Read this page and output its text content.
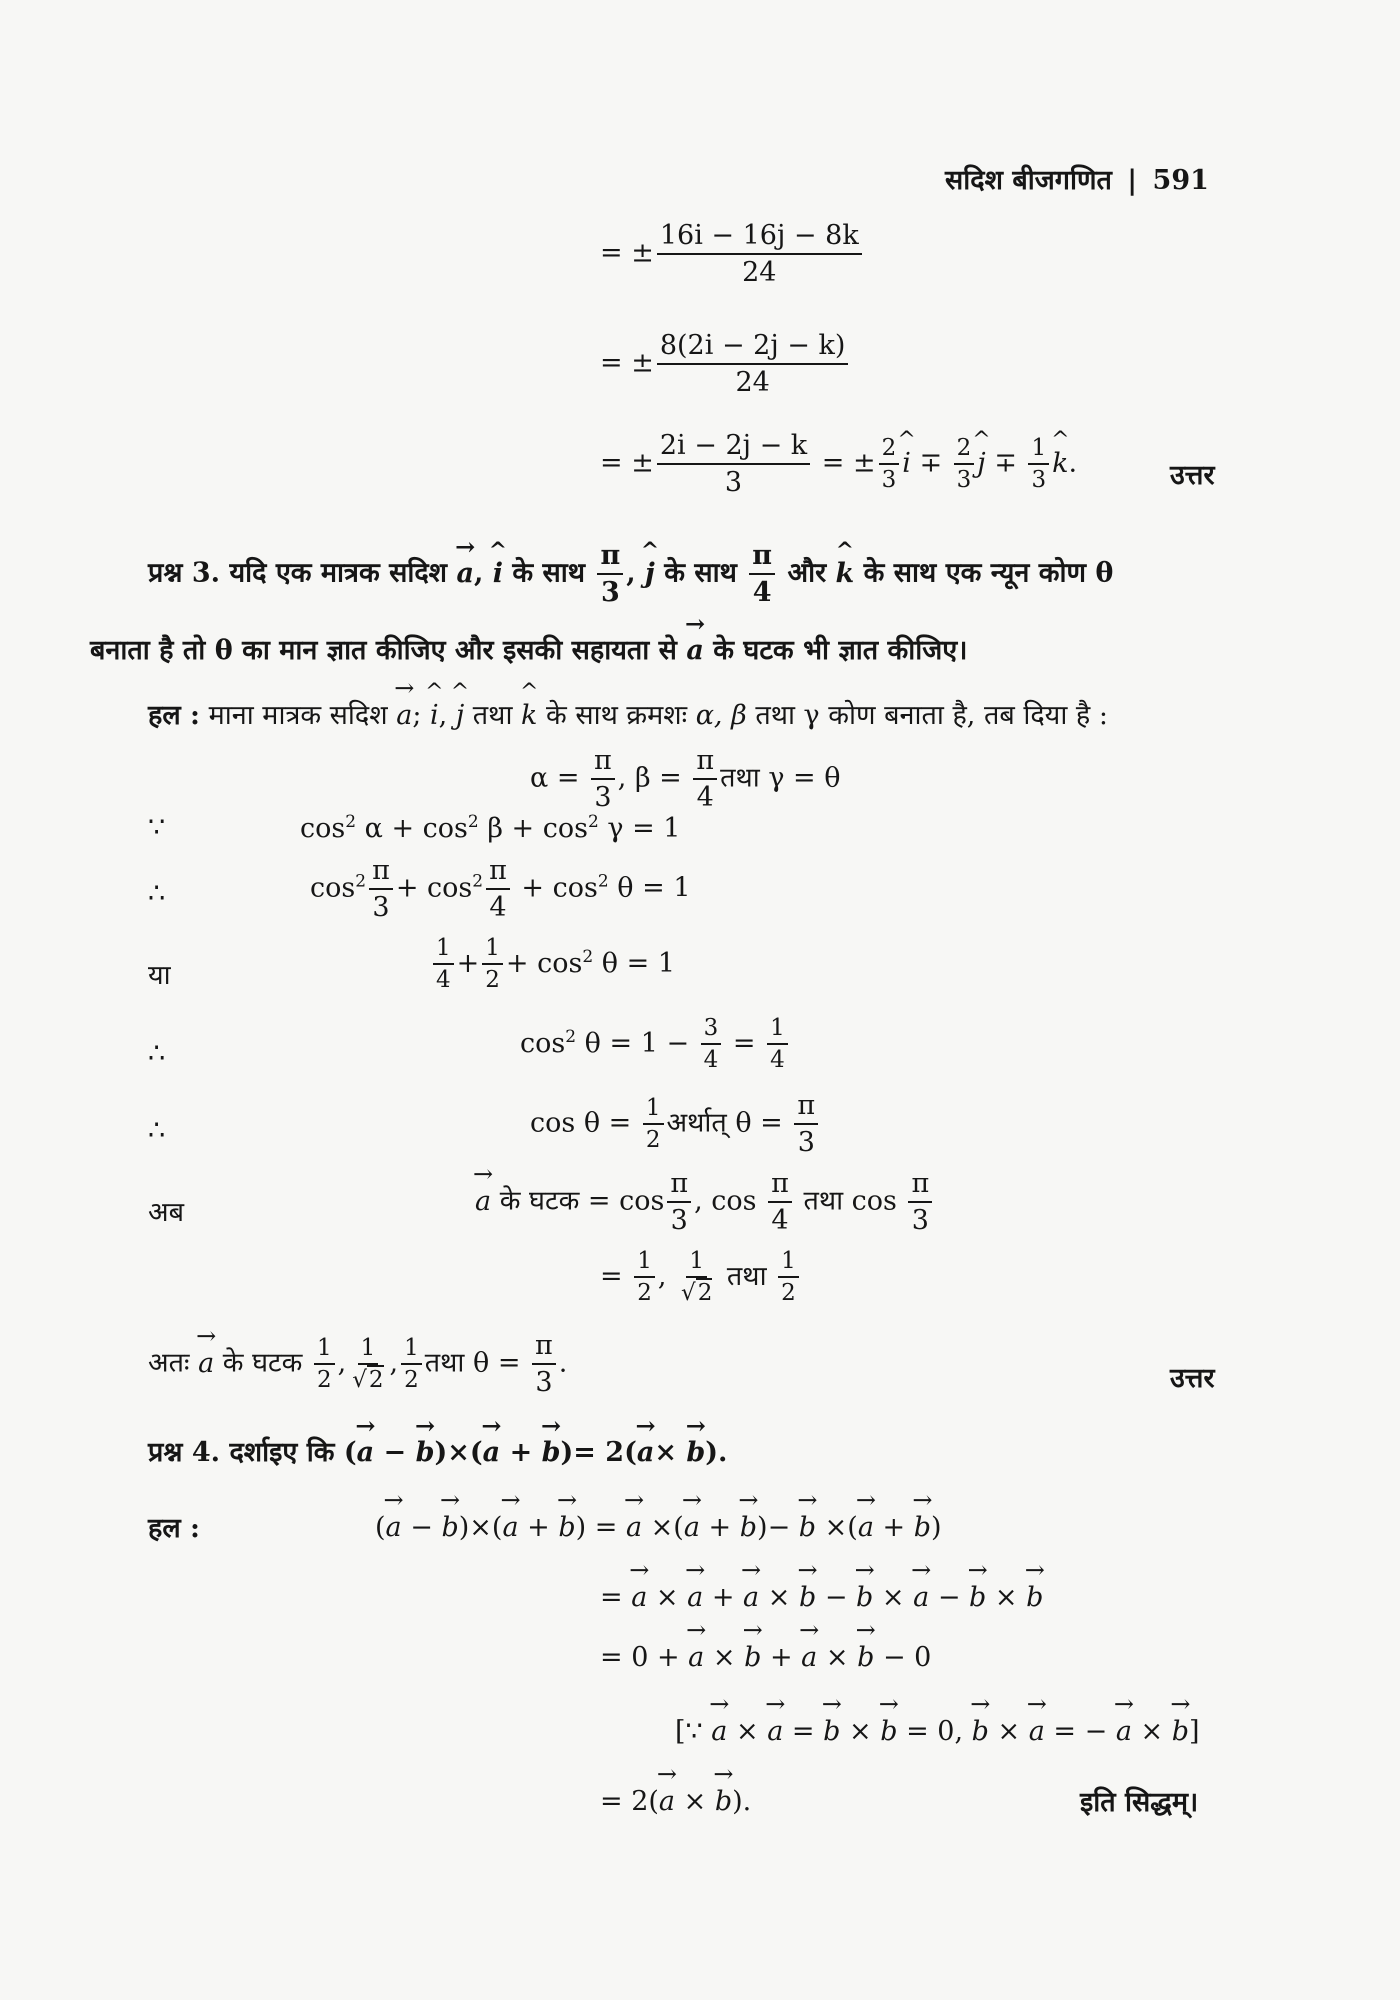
सदिश बीजगणित | 591
= ± $\frac{16i - 16j - 8k}{24}$
= ± $\frac{8(2i - 2j - k)}{24}$
= ± $\frac{2i - 2j - k}{3}$ = ± $\frac{2}{3}$ ^ $i \mp \frac{2}{3}$ ^ $j \mp \frac{1}{3}$ ^ k.	उत्तर
प्रश्न 3. यदि एक मात्रक सदिश → a, ^ i के साथ $\frac{\pi}{3}$ , ^ j के साथ $\frac{\pi}{4}$ और ^ k के साथ एक न्यून कोण θ
बनाता है तो θ का मान ज्ञात कीजिए और इसकी सहायता से → a के घटक भी ज्ञात कीजिए।
हल : माना मात्रक सदिश → a; ^ i, ^ j तथा ^ k के साथ क्रमशः α, β तथा γ कोण बनाता है, तब दिया है :
$\alpha = \frac{\pi}{3}$ , $\beta = \frac{\pi}{4}$ तथा γ = θ
∵	$\cos^2 \alpha + \cos^2 \beta + \cos^2 \gamma = 1$
∴	$\cos^2 \frac{\pi}{3} + \cos^2 \frac{\pi}{4} + \cos^2 \theta = 1$
या	$\frac{1}{4} + \frac{1}{2} + \cos^2 \theta = 1$
∴	$\cos^2 \theta = 1 - \frac{3}{4} = \frac{1}{4}$
∴	$\cos \theta = \frac{1}{2}$ अर्थात् $\theta = \frac{\pi}{3}$
अब	→ a के घटक = $\cos \frac{\pi}{3}$ , $\cos \frac{\pi}{4}$ तथा $\cos \frac{\pi}{3}$
= $\frac{1}{2}$ , $\frac{1}{√2}$ तथा $\frac{1}{2}$
अतः → a के घटक $\frac{1}{2}$ , $\frac{1}{√2}$ , $\frac{1}{2}$ तथा $\theta = \frac{\pi}{3}$ .	उत्तर
प्रश्न 4. दर्शाइए कि (→ a − → b)×(→ a + → b)= 2(→ a× → b).
हल :	(→ a − → b)×(→ a + → b) = → a ×(→ a + → b)− → b ×(→ a + → b)
= → a × → a + → a × → b − → b × → a − → b × → b
= 0 + → a × → b + → a × → b − 0
[∵ → a × → a = → b × → b = 0, → b × → a = − → a × → b]
= 2(→ a × → b).	इति सिद्धम्।
